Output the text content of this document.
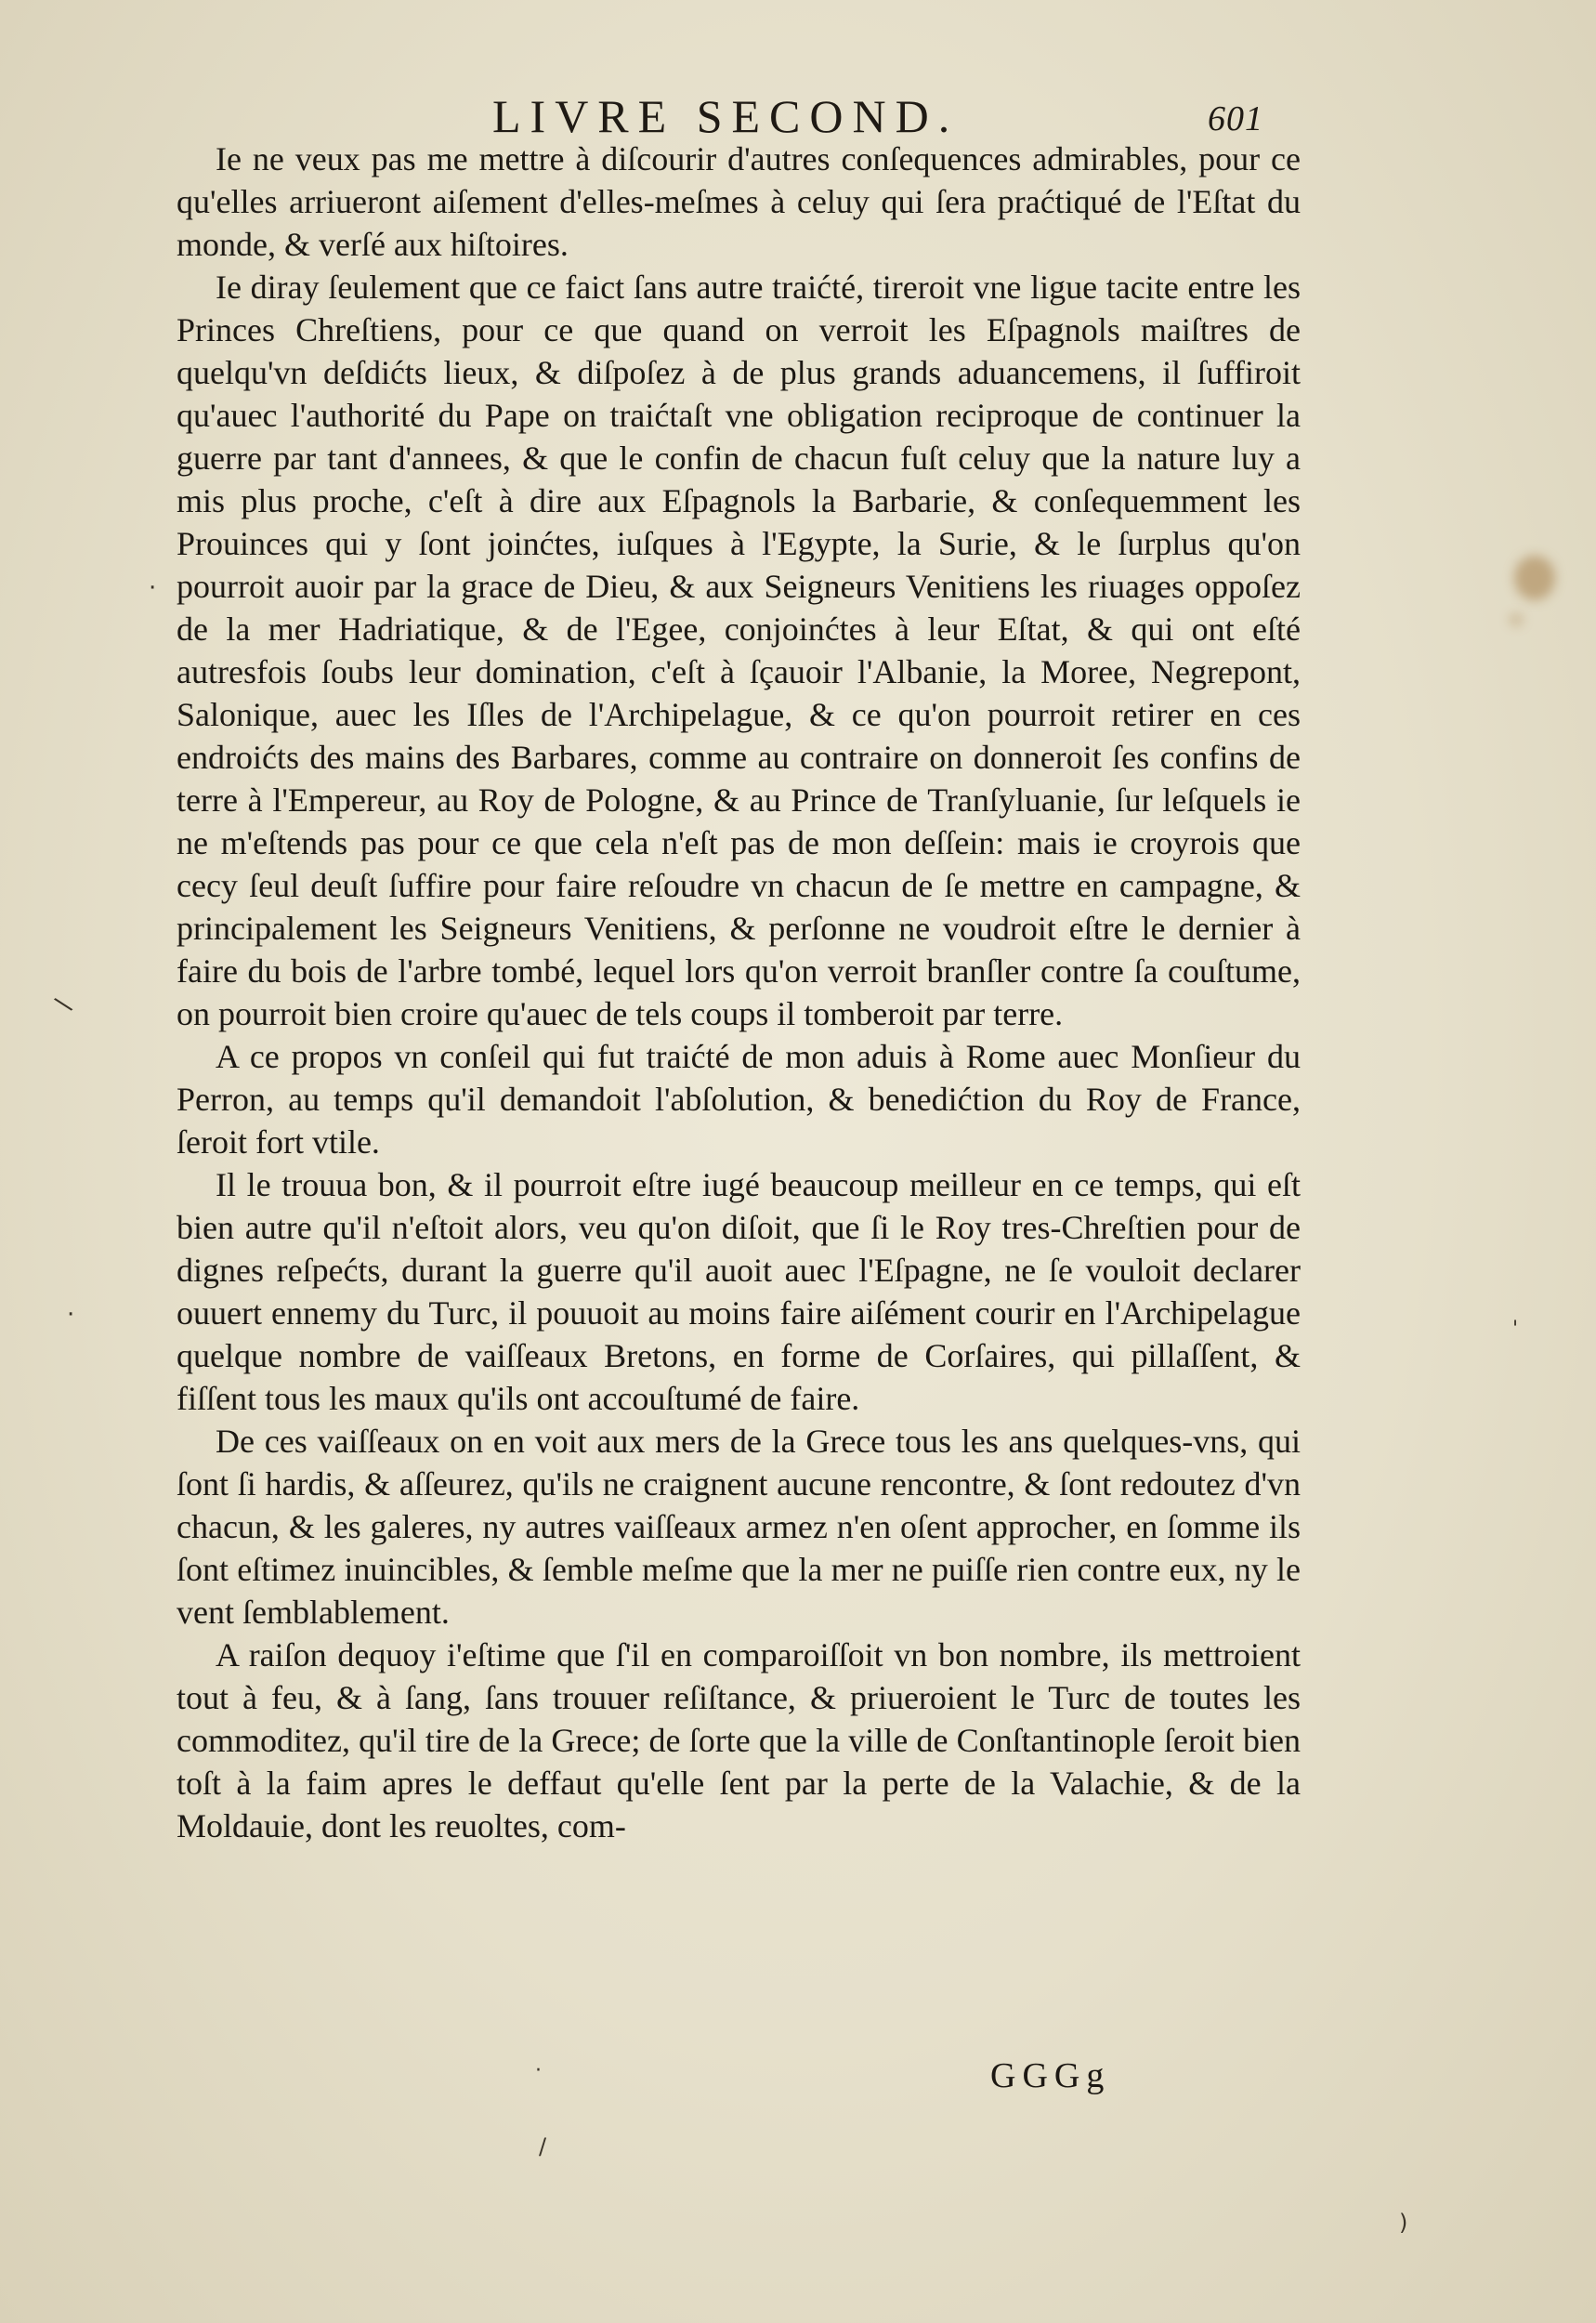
·
\
·
'
·
/
)
LIVRE SECOND.	601

Ie ne veux pas me mettre à diſcourir d'autres conſequences admirables, pour ce qu'elles arriueront aiſement d'elles-meſmes à celuy qui ſera praćtiqué de l'Eſtat du monde, & verſé aux hiſtoires.

Ie diray ſeulement que ce faict ſans autre traićté, tireroit vne ligue tacite entre les Princes Chreſtiens, pour ce que quand on verroit les Eſpagnols maiſtres de quelqu'vn deſdićts lieux, & diſpoſez à de plus grands aduancemens, il ſuffiroit qu'auec l'authorité du Pape on traićtaſt vne obligation reciproque de continuer la guerre par tant d'annees, & que le confin de chacun fuſt celuy que la nature luy a mis plus proche, c'eſt à dire aux Eſpagnols la Barbarie, & conſequemment les Prouinces qui y ſont joinćtes, iuſques à l'Egypte, la Surie, & le ſurplus qu'on pourroit auoir par la grace de Dieu, & aux Seigneurs Venitiens les riuages oppoſez de la mer Hadriatique, & de l'Egee, conjoinćtes à leur Eſtat, & qui ont eſté autresfois ſoubs leur domination, c'eſt à ſçauoir l'Albanie, la Moree, Negrepont, Salonique, auec les Iſles de l'Archipelague, & ce qu'on pourroit retirer en ces endroićts des mains des Barbares, comme au contraire on donneroit ſes confins de terre à l'Empereur, au Roy de Pologne, & au Prince de Tranſyluanie, ſur leſquels ie ne m'eſtends pas pour ce que cela n'eſt pas de mon deſſein: mais ie croyrois que cecy ſeul deuſt ſuffire pour faire reſoudre vn chacun de ſe mettre en campagne, & principalement les Seigneurs Venitiens, & perſonne ne voudroit eſtre le dernier à faire du bois de l'arbre tombé, lequel lors qu'on verroit branſler contre ſa couſtume, on pourroit bien croire qu'auec de tels coups il tomberoit par terre.

A ce propos vn conſeil qui fut traićté de mon aduis à Rome auec Monſieur du Perron, au temps qu'il demandoit l'abſolution, & benedićtion du Roy de France, ſeroit fort vtile.

Il le trouua bon, & il pourroit eſtre iugé beaucoup meilleur en ce temps, qui eſt bien autre qu'il n'eſtoit alors, veu qu'on diſoit, que ſi le Roy tres-Chreſtien pour de dignes reſpećts, durant la guerre qu'il auoit auec l'Eſpagne, ne ſe vouloit declarer ouuert ennemy du Turc, il pouuoit au moins faire aiſément courir en l'Archipelague quelque nombre de vaiſſeaux Bretons, en forme de Corſaires, qui pillaſſent, & fiſſent tous les maux qu'ils ont accouſtumé de faire.

De ces vaiſſeaux on en voit aux mers de la Grece tous les ans quelques-vns, qui ſont ſi hardis, & aſſeurez, qu'ils ne craignent aucune rencontre, & ſont redoutez d'vn chacun, & les galeres, ny autres vaiſſeaux armez n'en oſent approcher, en ſomme ils ſont eſtimez inuincibles, & ſemble meſme que la mer ne puiſſe rien contre eux, ny le vent ſemblablement.

A raiſon dequoy i'eſtime que ſ'il en comparoiſſoit vn bon nombre, ils mettroient tout à feu, & à ſang, ſans trouuer reſiſtance, & priueroient le Turc de toutes les commoditez, qu'il tire de la Grece; de ſorte que la ville de Conſtantinople ſeroit bien toſt à la faim apres le deffaut qu'elle ſent par la perte de la Valachie, & de la Moldauie, dont les reuoltes, com-

GGGg
